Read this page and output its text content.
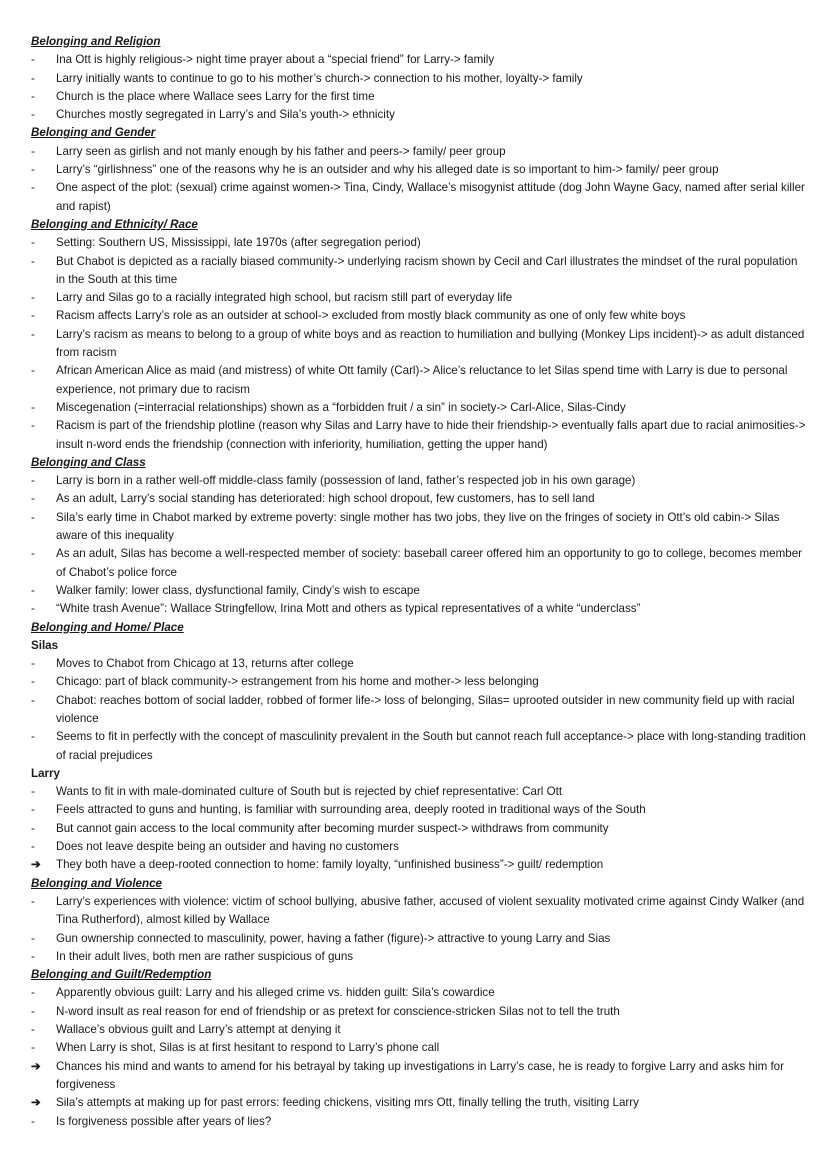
Belonging and Religion
-	Ina Ott is highly religious-> night time prayer about a “special friend” for Larry-> family
-	Larry initially wants to continue to go to his mother’s church-> connection to his mother, loyalty-> family
-	Church is the place where Wallace sees Larry for the first time
-	Churches mostly segregated in Larry’s and Sila’s youth-> ethnicity
Belonging and Gender
-	Larry seen as girlish and not manly enough by his father and peers-> family/ peer group
-	Larry’s “girlishness” one of the reasons why he is an outsider and why his alleged date is so important to him-> family/ peer group
-	One aspect of the plot: (sexual) crime against women-> Tina, Cindy, Wallace’s misogynist attitude (dog John Wayne Gacy, named after serial killer and rapist)
Belonging and Ethnicity/ Race
-	Setting: Southern US, Mississippi, late 1970s (after segregation period)
-	But Chabot is depicted as a racially biased community-> underlying racism shown by Cecil and Carl illustrates the mindset of the rural population in the South at this time
-	Larry and Silas go to a racially integrated high school, but racism still part of everyday life
-	Racism affects Larry’s role as an outsider at school-> excluded from mostly black community as one of only few white boys
-	Larry’s racism as means to belong to a group of white boys and as reaction to humiliation and bullying (Monkey Lips incident)-> as adult distanced from racism
-	African American Alice as maid (and mistress) of white Ott family (Carl)-> Alice’s reluctance to let Silas spend time with Larry is due to personal experience, not primary due to racism
-	Miscegenation (=interracial relationships) shown as a “forbidden fruit / a sin” in society-> Carl-Alice, Silas-Cindy
-	Racism is part of the friendship plotline (reason why Silas and Larry have to hide their friendship-> eventually falls apart due to racial animosities-> insult n-word ends the friendship (connection with inferiority, humiliation, getting the upper hand)
Belonging and Class
-	Larry is born in a rather well-off middle-class family (possession of land, father’s respected job in his own garage)
-	As an adult, Larry’s social standing has deteriorated: high school dropout, few customers, has to sell land
-	Sila’s early time in Chabot marked by extreme poverty: single mother has two jobs, they live on the fringes of society in Ott’s old cabin-> Silas aware of this inequality
-	As an adult, Silas has become a well-respected member of society: baseball career offered him an opportunity to go to college, becomes member of Chabot’s police force
-	Walker family: lower class, dysfunctional family, Cindy’s wish to escape
-	“White trash Avenue”: Wallace Stringfellow, Irina Mott and others as typical representatives of a white “underclass”
Belonging and Home/ Place
Silas
-	Moves to Chabot from Chicago at 13, returns after college
-	Chicago: part of black community-> estrangement from his home and mother-> less belonging
-	Chabot: reaches bottom of social ladder, robbed of former life-> loss of belonging, Silas= uprooted outsider in new community field up with racial violence
-	Seems to fit in perfectly with the concept of masculinity prevalent in the South but cannot reach full acceptance-> place with long-standing tradition of racial prejudices
Larry
-	Wants to fit in with male-dominated culture of South but is rejected by chief representative: Carl Ott
-	Feels attracted to guns and hunting, is familiar with surrounding area, deeply rooted in traditional ways of the South
-	But cannot gain access to the local community after becoming murder suspect-> withdraws from community
-	Does not leave despite being an outsider and having no customers
➔	They both have a deep-rooted connection to home: family loyalty, “unfinished business”-> guilt/ redemption
Belonging and Violence
-	Larry’s experiences with violence: victim of school bullying, abusive father, accused of violent sexuality motivated crime against Cindy Walker (and Tina Rutherford), almost killed by Wallace
-	Gun ownership connected to masculinity, power, having a father (figure)-> attractive to young Larry and Sias
-	In their adult lives, both men are rather suspicious of guns
Belonging and Guilt/Redemption
-	Apparently obvious guilt: Larry and his alleged crime vs. hidden guilt: Sila’s cowardice
-	N-word insult as real reason for end of friendship or as pretext for conscience-stricken Silas not to tell the truth
-	Wallace’s obvious guilt and Larry’s attempt at denying it
-	When Larry is shot, Silas is at first hesitant to respond to Larry’s phone call
➔	Chances his mind and wants to amend for his betrayal by taking up investigations in Larry’s case, he is ready to forgive Larry and asks him for forgiveness
➔	Sila’s attempts at making up for past errors: feeding chickens, visiting mrs Ott, finally telling the truth, visiting Larry
-	Is forgiveness possible after years of lies?
